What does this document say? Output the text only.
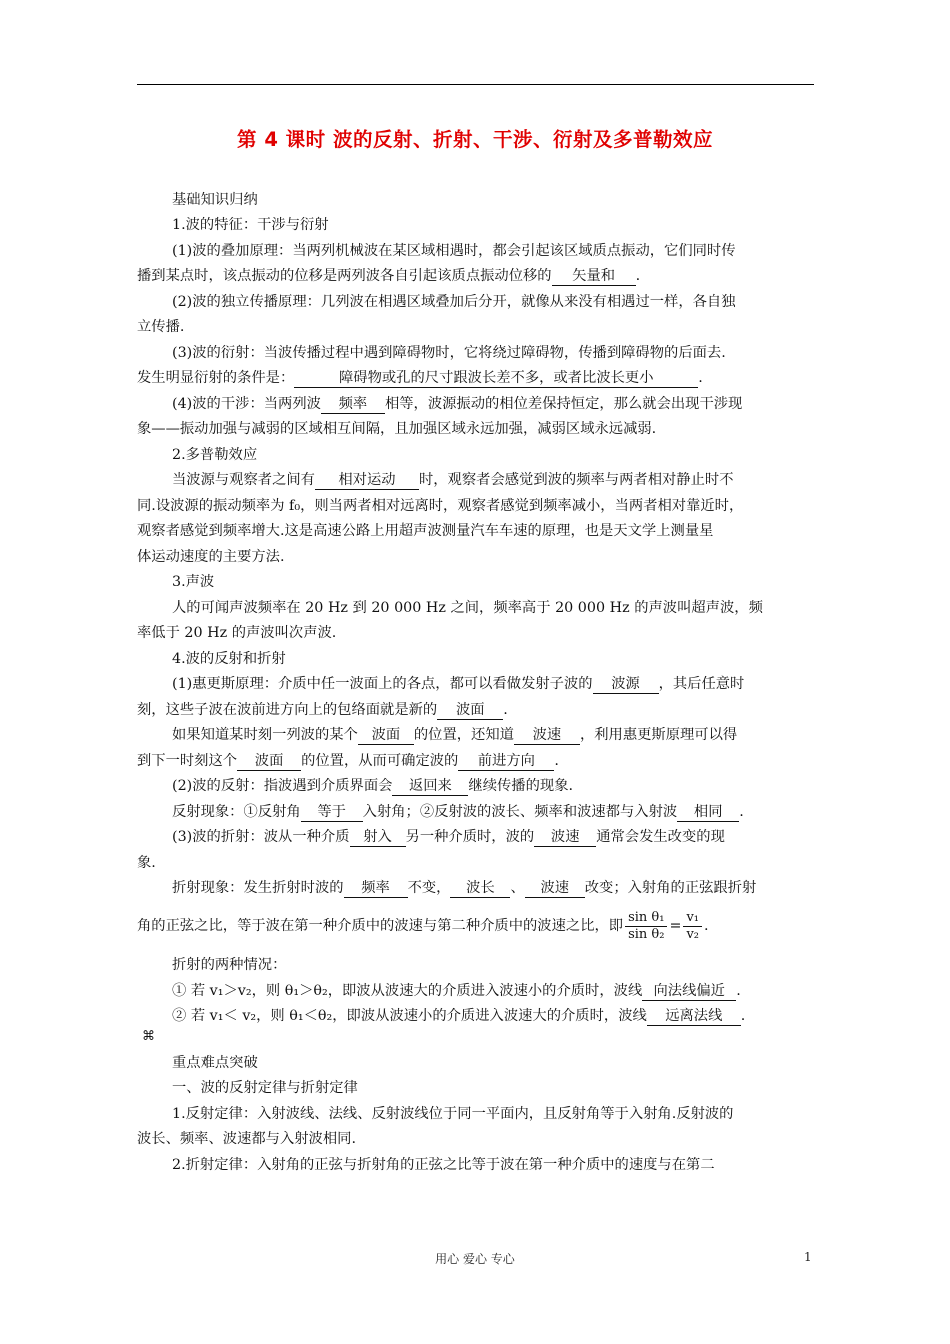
第 4 课时 波的反射、折射、干涉、衍射及多普勒效应
基础知识归纳
1.波的特征：干涉与衍射
(1)波的叠加原理：当两列机械波在某区域相遇时，都会引起该区域质点振动，它们同时传
播到某点时，该点振动的位移是两列波各自引起该质点振动位移的 矢量和 .
(2)波的独立传播原理：几列波在相遇区域叠加后分开，就像从来没有相遇过一样，各自独
立传播.
(3)波的衍射：当波传播过程中遇到障碍物时，它将绕过障碍物，传播到障碍物的后面去.
发生明显衍射的条件是：	障碍物或孔的尺寸跟波长差不多，或者比波长更小	.
(4)波的干涉：当两列波 频率 相等，波源振动的相位差保持恒定，那么就会出现干涉现
象——振动加强与减弱的区域相互间隔，且加强区域永远加强，减弱区域永远减弱.
2.多普勒效应
当波源与观察者之间有 相对运动 时，观察者会感觉到波的频率与两者相对静止时不
同.设波源的振动频率为 f₀，则当两者相对远离时，观察者感觉到频率减小，当两者相对靠近时，
观察者感觉到频率增大.这是高速公路上用超声波测量汽车车速的原理，也是天文学上测量星
体运动速度的主要方法.
3.声波
人的可闻声波频率在 20 Hz 到 20 000 Hz 之间，频率高于 20 000 Hz 的声波叫超声波，频
率低于 20 Hz 的声波叫次声波.
4.波的反射和折射
(1)惠更斯原理：介质中任一波面上的各点，都可以看做发射子波的 波源 ，其后任意时
刻，这些子波在波前进方向上的包络面就是新的 波面 .
如果知道某时刻一列波的某个 波面 的位置，还知道 波速 ，利用惠更斯原理可以得
到下一时刻这个 波面 的位置，从而可确定波的 前进方向 .
(2)波的反射：指波遇到介质界面会 返回来 继续传播的现象.
反射现象：①反射角 等于 入射角；②反射波的波长、频率和波速都与入射波 相同 .
(3)波的折射：波从一种介质 射入 另一种介质时，波的 波速 通常会发生改变的现
象.
折射现象：发生折射时波的 频率 不变， 波长 、 波速 改变；入射角的正弦跟折射
角的正弦之比，等于波在第一种介质中的波速与第二种介质中的波速之比，即 $\frac{\text{sin θ₁}}{\text{sin θ₂}} = \frac{\text{v₁}}{\text{v₂}}$ .
折射的两种情况：
① 若 v₁＞v₂，则 θ₁＞θ₂，即波从波速大的介质进入波速小的介质时，波线 向法线偏近 .
② 若 v₁＜ v₂，则 θ₁＜θ₂，即波从波速小的介质进入波速大的介质时，波线 远离法线 .
⌘
重点难点突破
一、波的反射定律与折射定律
1.反射定律：入射波线、法线、反射波线位于同一平面内，且反射角等于入射角.反射波的
波长、频率、波速都与入射波相同.
2.折射定律：入射角的正弦与折射角的正弦之比等于波在第一种介质中的速度与在第二
用心 爱心 专心	1
